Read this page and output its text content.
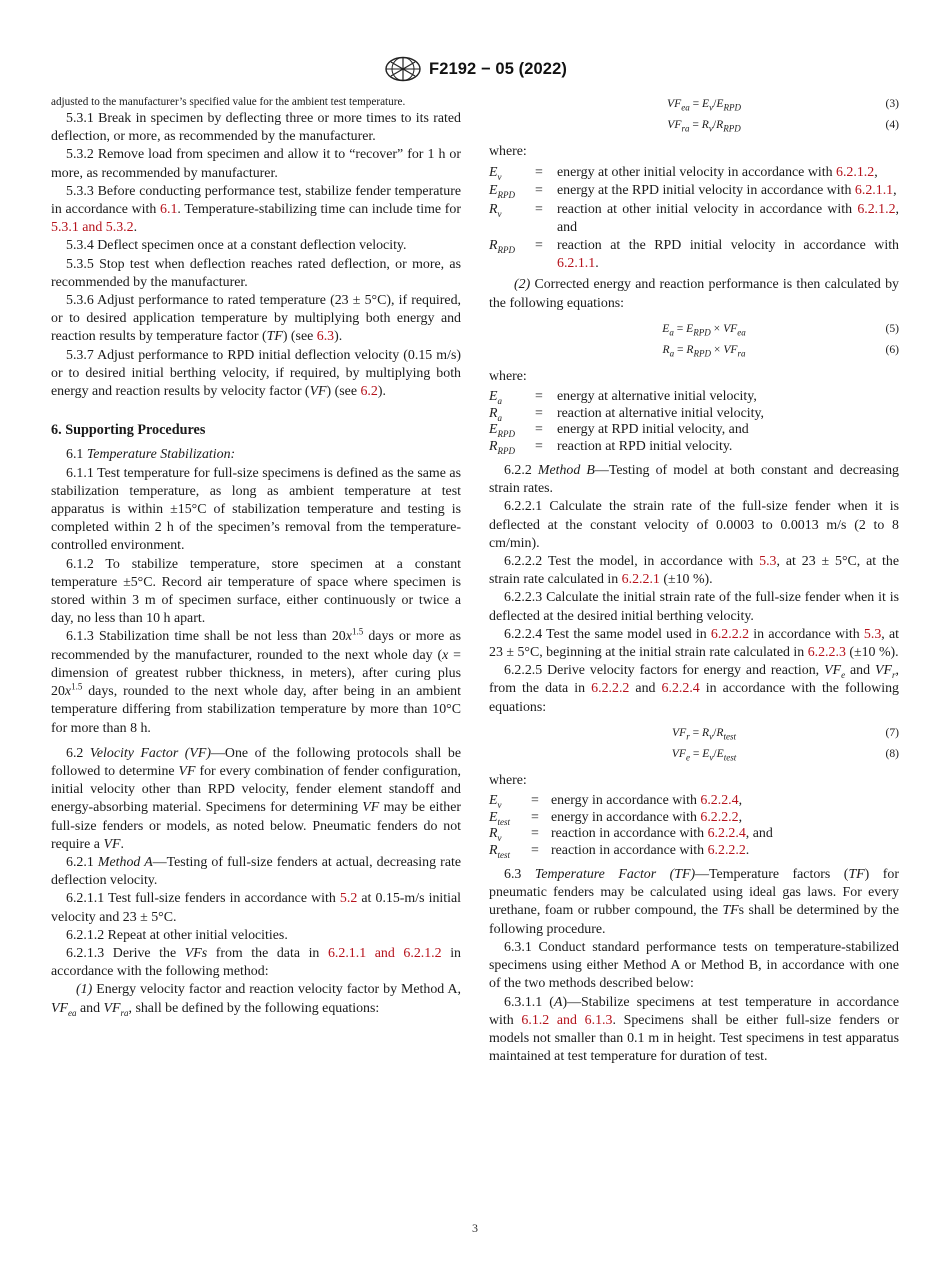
F2192 − 05 (2022)

adjusted to the manufacturer’s specified value for the ambient test temperature.

5.3.1 Break in specimen by deflecting three or more times to its rated deflection, or more, as recommended by the manufacturer.

5.3.2 Remove load from specimen and allow it to “recover” for 1 h or more, as recommended by manufacturer.

5.3.3 Before conducting performance test, stabilize fender temperature in accordance with 6.1. Temperature-stabilizing time can include time for 5.3.1 and 5.3.2.

5.3.4 Deflect specimen once at a constant deflection velocity.

5.3.5 Stop test when deflection reaches rated deflection, or more, as recommended by the manufacturer.

5.3.6 Adjust performance to rated temperature (23 ± 5°C), if required, or to desired application temperature by multiplying both energy and reaction results by temperature factor (TF) (see 6.3).

5.3.7 Adjust performance to RPD initial deflection velocity (0.15 m/s) or to desired initial berthing velocity, if required, by multiplying both energy and reaction results by velocity factor (VF) (see 6.2).

6. Supporting Procedures

6.1 Temperature Stabilization:

6.1.1 Test temperature for full-size specimens is defined as the same as stabilization temperature, as long as ambient temperature at test apparatus is within ±15°C of stabilization temperature and testing is completed within 2 h of the specimen’s removal from the temperature-controlled environment.

6.1.2 To stabilize temperature, store specimen at a constant temperature ±5°C. Record air temperature of space where specimen is stored within 3 m of specimen surface, either continuously or twice a day, no less than 10 h apart.

6.1.3 Stabilization time shall be not less than $20x^{1.5}$ days or more as recommended by the manufacturer, rounded to the next whole day (x = dimension of greatest rubber thickness, in meters), after curing plus $20x^{1.5}$ days, rounded to the next whole day, after being in an ambient temperature differing from stabilization temperature by more than 10°C for more than 8 h.

6.2 Velocity Factor (VF)—One of the following protocols shall be followed to determine VF for every combination of fender configuration, initial velocity other than RPD velocity, fender element standoff and energy-absorbing material. Specimens for determining VF may be either full-size fenders or models, as noted below. Pneumatic fenders do not require a VF.

6.2.1 Method A—Testing of full-size fenders at actual, decreasing rate deflection velocity.

6.2.1.1 Test full-size fenders in accordance with 5.2 at 0.15-m/s initial velocity and 23 ± 5°C.

6.2.1.2 Repeat at other initial velocities.

6.2.1.3 Derive the VFs from the data in 6.2.1.1 and 6.2.1.2 in accordance with the following method:

(1) Energy velocity factor and reaction velocity factor by Method A, $VF_{ea}$ and $VF_{ra}$, shall be defined by the following equations:

$VF_{ea} = E_v/E_{RPD}$	(3)
$VF_{ra} = R_v/R_{RPD}$	(4)

where:

$E_v$	=	energy at other initial velocity in accordance with 6.2.1.2,
$E_{RPD}$	=	energy at the RPD initial velocity in accordance with 6.2.1.1,
$R_v$	=	reaction at other initial velocity in accordance with 6.2.1.2, and
$R_{RPD}$	=	reaction at the RPD initial velocity in accordance with 6.2.1.1.

(2) Corrected energy and reaction performance is then calculated by the following equations:

$E_a = E_{RPD} \times VF_{ea}$	(5)
$R_a = R_{RPD} \times VF_{ra}$	(6)

where:

$E_a$	=	energy at alternative initial velocity,
$R_a$	=	reaction at alternative initial velocity,
$E_{RPD}$	=	energy at RPD initial velocity, and
$R_{RPD}$	=	reaction at RPD initial velocity.

6.2.2 Method B—Testing of model at both constant and decreasing strain rates.

6.2.2.1 Calculate the strain rate of the full-size fender when it is deflected at the constant velocity of 0.0003 to 0.0013 m/s (2 to 8 cm/min).

6.2.2.2 Test the model, in accordance with 5.3, at 23 ± 5°C, at the strain rate calculated in 6.2.2.1 (±10 %).

6.2.2.3 Calculate the initial strain rate of the full-size fender when it is deflected at the desired initial berthing velocity.

6.2.2.4 Test the same model used in 6.2.2.2 in accordance with 5.3, at 23 ± 5°C, beginning at the initial strain rate calculated in 6.2.2.3 (±10 %).

6.2.2.5 Derive velocity factors for energy and reaction, $VF_e$ and $VF_r$, from the data in 6.2.2.2 and 6.2.2.4 in accordance with the following equations:

$VF_r = R_v/R_{test}$	(7)
$VF_e = E_v/E_{test}$	(8)

where:

$E_v$	= energy in accordance with 6.2.2.4,
$E_{test}$	= energy in accordance with 6.2.2.2,
$R_v$	= reaction in accordance with 6.2.2.4, and
$R_{test}$	= reaction in accordance with 6.2.2.2.

6.3 Temperature Factor (TF)—Temperature factors (TF) for pneumatic fenders may be calculated using ideal gas laws. For every urethane, foam or rubber compound, the TFs shall be determined by the following procedure.

6.3.1 Conduct standard performance tests on temperature-stabilized specimens using either Method A or Method B, in accordance with one of the two methods described below:

6.3.1.1 (A)—Stabilize specimens at test temperature in accordance with 6.1.2 and 6.1.3. Specimens shall be either full-size fenders or models not smaller than 0.1 m in height. Test specimens in test apparatus maintained at test temperature for duration of test.

3
